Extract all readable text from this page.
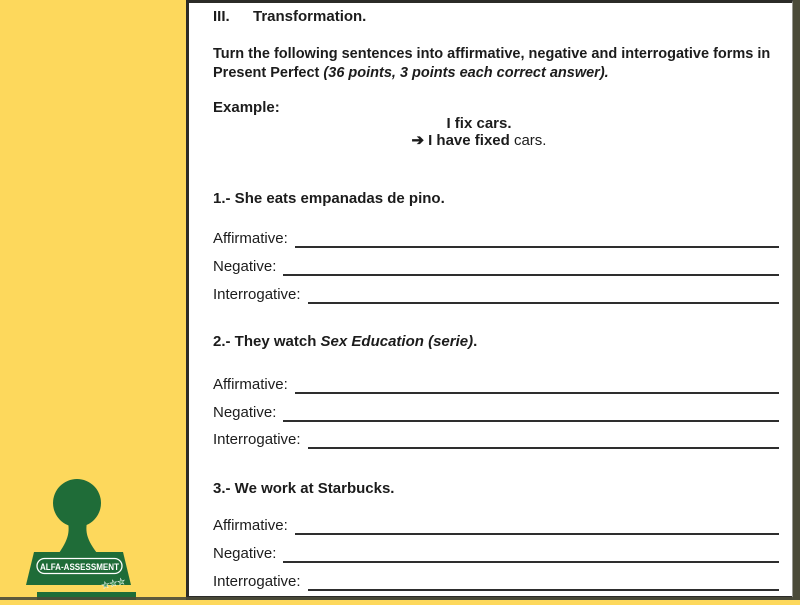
ALFA-ASSESSMENT
★★★
III.	Transformation.
Turn the following sentences into affirmative, negative and interrogative forms in Present Perfect (36 points, 3 points each correct answer).
Example:
I fix cars.
➔ I have fixed cars.
1.- She eats empanadas de pino.
Affirmative:
Negative:
Interrogative:
2.- They watch Sex Education (serie).
Affirmative:
Negative:
Interrogative:
3.- We work at Starbucks.
Affirmative:
Negative:
Interrogative:
